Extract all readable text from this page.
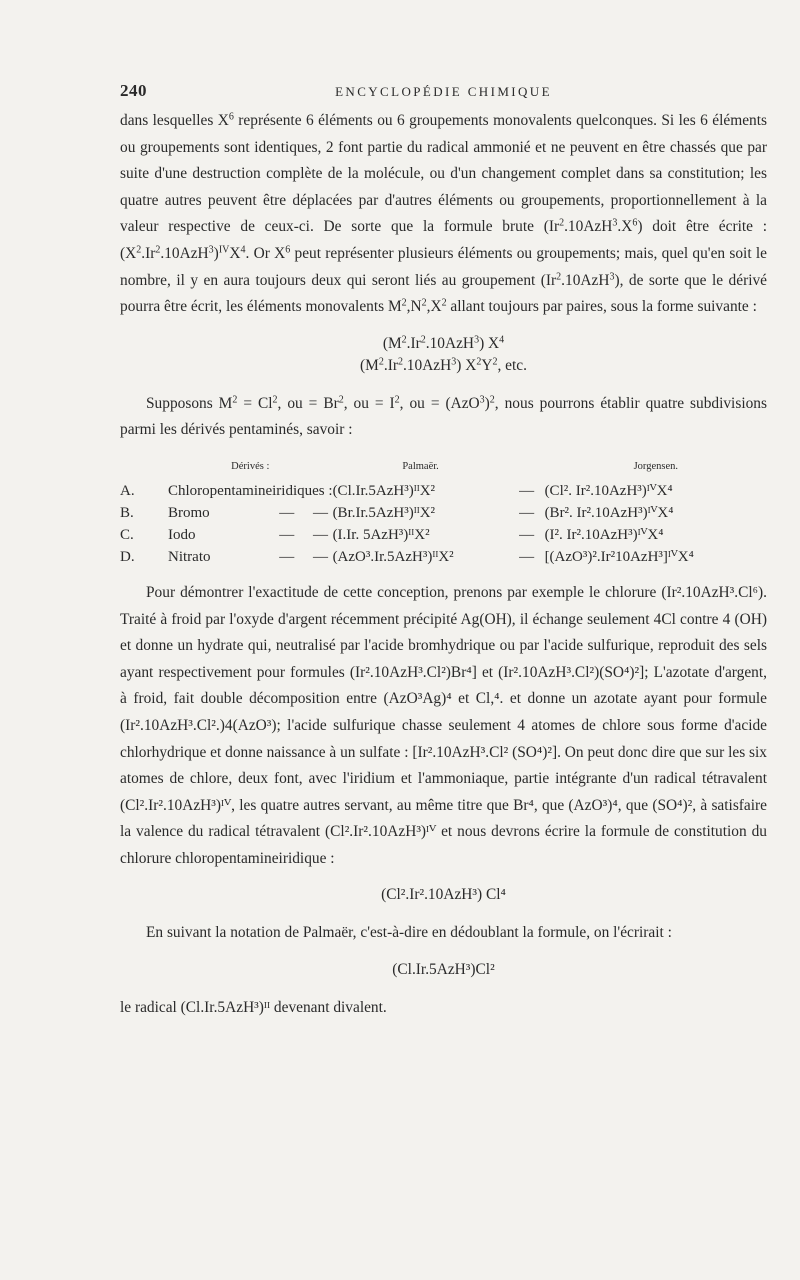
240	ENCYCLOPÉDIE CHIMIQUE

dans lesquelles $X^6$ représente 6 éléments ou 6 groupements monovalents quelconques. Si les 6 éléments ou groupements sont identiques, 2 font partie du radical ammonié et ne peuvent en être chassés que par suite d'une destruction complète de la molécule, ou d'un changement complet dans sa constitution; les quatre autres peuvent être déplacées par d'autres éléments ou groupements, proportionnellement à la valeur respective de ceux-ci. De sorte que la formule brute $(Ir^2.10AzH^3.X^6)$ doit être écrite : $(X^2.Ir^2.10AzH^3)^{IV}X^4$. Or $X^6$ peut représenter plusieurs éléments ou groupements; mais, quel qu'en soit le nombre, il y en aura toujours deux qui seront liés au groupement (Ir$^2$.10AzH$^3$), de sorte que le dérivé pourra être écrit, les éléments monovalents $M^2,N^2,X^2$ allant toujours par paires, sous la forme suivante :

$(M^2.Ir^2.10AzH^3)$ $X^4$
$(M^2.Ir^2.10AzH^3)$ $X^2Y^2$, etc.

Supposons $M^2 = Cl^2$, ou = $Br^2$, ou = $I^2$, ou = $(AzO^3)^2$, nous pourrons établir quatre subdivisions parmi les dérivés pentaminés, savoir :

	Dérivés :		Palmaër.		Jorgensen.
A.	Chloropentamineiridiques :		(Cl.Ir.5AzH³)ᴵᴵX²	—	(Cl². Ir².10AzH³)ᴵⱽX⁴
B.	Bromo	—     —	(Br.Ir.5AzH³)ᴵᴵX²	—	(Br². Ir².10AzH³)ᴵⱽX⁴
C.	Iodo	—     —	(I.Ir. 5AzH³)ᴵᴵX²	—	(I². Ir².10AzH³)ᴵⱽX⁴
D.	Nitrato	—     —	(AzO³.Ir.5AzH³)ᴵᴵX²	—	[(AzO³)².Ir²10AzH³]ᴵⱽX⁴

Pour démontrer l'exactitude de cette conception, prenons par exemple le chlorure (Ir².10AzH³.Cl⁶). Traité à froid par l'oxyde d'argent récemment précipité Ag(OH), il échange seulement 4Cl contre 4 (OH) et donne un hydrate qui, neutralisé par l'acide bromhydrique ou par l'acide sulfurique, reproduit des sels ayant respectivement pour formules (Ir².10AzH³.Cl²)Br⁴] et (Ir².10AzH³.Cl²)(SO⁴)²]; L'azotate d'argent, à froid, fait double décomposition entre (AzO³Ag)⁴ et Cl,⁴. et donne un azotate ayant pour formule (Ir².10AzH³.Cl².)4(AzO³); l'acide sulfurique chasse seulement 4 atomes de chlore sous forme d'acide chlorhydrique et donne naissance à un sulfate : [Ir².10AzH³.Cl² (SO⁴)²]. On peut donc dire que sur les six atomes de chlore, deux font, avec l'iridium et l'ammoniaque, partie intégrante d'un radical tétravalent (Cl².Ir².10AzH³)ᴵⱽ, les quatre autres servant, au même titre que Br⁴, que (AzO³)⁴, que (SO⁴)², à satisfaire la valence du radical tétravalent (Cl².Ir².10AzH³)ᴵⱽ et nous devrons écrire la formule de constitution du chlorure chloropentamineiridique :

(Cl².Ir².10AzH³) Cl⁴

En suivant la notation de Palmaër, c'est-à-dire en dédoublant la formule, on l'écrirait :

(Cl.Ir.5AzH³)Cl²

le radical (Cl.Ir.5AzH³)ᴵᴵ devenant divalent.
